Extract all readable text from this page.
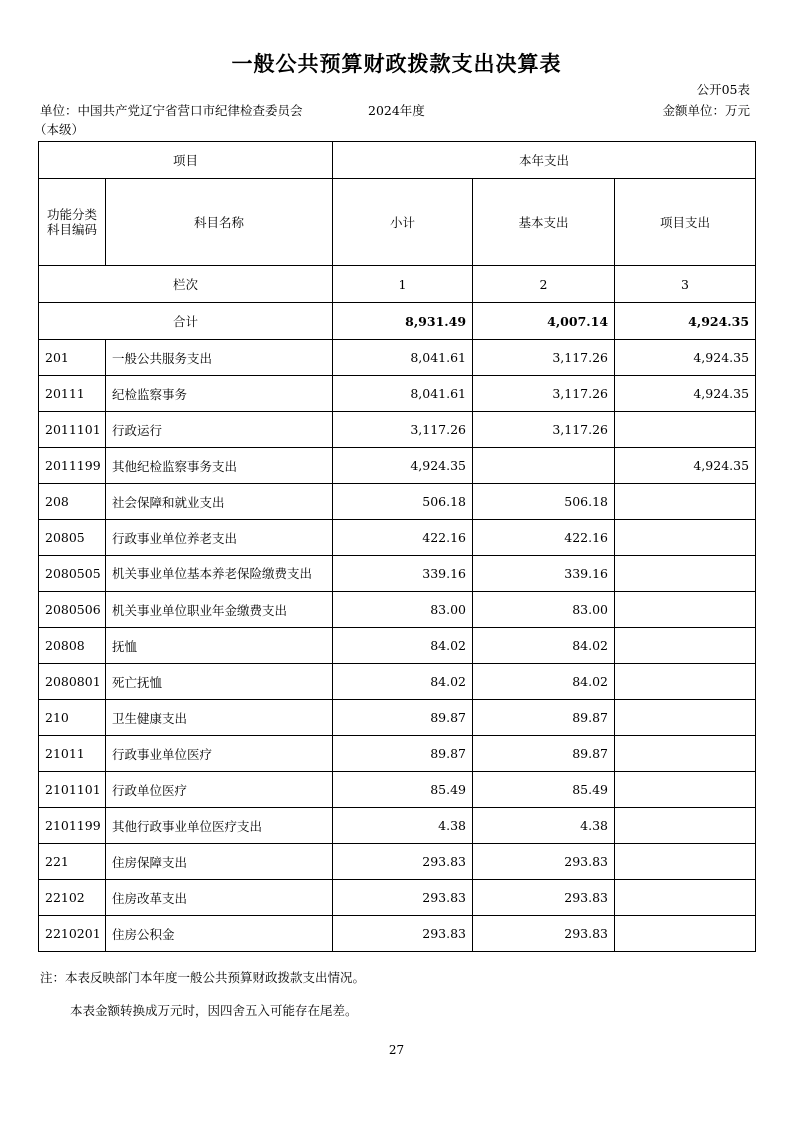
一般公共预算财政拨款支出决算表
公开05表
单位：中国共产党辽宁省营口市纪律检查委员会	2024年度	金额单位：万元
（本级）
项目		本年支出		
功能分类科目编码	科目名称	小计	基本支出	项目支出
栏次		1	2	3
合计		8,931.49	4,007.14	4,924.35
201	一般公共服务支出	8,041.61	3,117.26	4,924.35
20111	纪检监察事务	8,041.61	3,117.26	4,924.35
2011101	行政运行	3,117.26	3,117.26	
2011199	其他纪检监察事务支出	4,924.35		4,924.35
208	社会保障和就业支出	506.18	506.18	
20805	行政事业单位养老支出	422.16	422.16	
2080505	机关事业单位基本养老保险缴费支出	339.16	339.16	
2080506	机关事业单位职业年金缴费支出	83.00	83.00	
20808	抚恤	84.02	84.02	
2080801	死亡抚恤	84.02	84.02	
210	卫生健康支出	89.87	89.87	
21011	行政事业单位医疗	89.87	89.87	
2101101	行政单位医疗	85.49	85.49	
2101199	其他行政事业单位医疗支出	4.38	4.38	
221	住房保障支出	293.83	293.83	
22102	住房改革支出	293.83	293.83	
2210201	住房公积金	293.83	293.83	
注：本表反映部门本年度一般公共预算财政拨款支出情况。
本表金额转换成万元时，因四舍五入可能存在尾差。
27
